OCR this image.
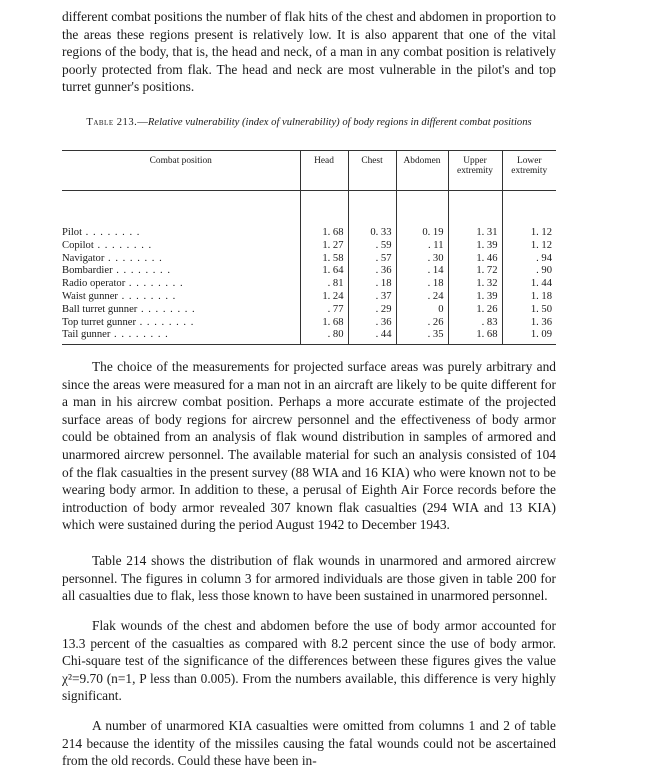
different combat positions the number of flak hits of the chest and abdomen in proportion to the areas these regions present is relatively low. It is also apparent that one of the vital regions of the body, that is, the head and neck, of a man in any combat position is relatively poorly protected from flak. The head and neck are most vulnerable in the pilot's and top turret gunner's positions.

Table 213.—Relative vulnerability (index of vulnerability) of body regions in different combat positions

Combat position	Head	Chest	Abdomen	Upper extremity	Lower extremity

Pilot . . . . . . . .	1. 68	0. 33	0. 19	1. 31	1. 12
Copilot . . . . . . . .	1. 27	. 59	. 11	1. 39	1. 12
Navigator . . . . . . . .	1. 58	. 57	. 30	1. 46	. 94
Bombardier . . . . . . . .	1. 64	. 36	. 14	1. 72	. 90
Radio operator . . . . . . . .	. 81	. 18	. 18	1. 32	1. 44
Waist gunner . . . . . . . .	1. 24	. 37	. 24	1. 39	1. 18
Ball turret gunner . . . . . . . .	. 77	. 29	0	1. 26	1. 50
Top turret gunner . . . . . . . .	1. 68	. 36	. 26	. 83	1. 36
Tail gunner . . . . . . . .	. 80	. 44	. 35	1. 68	1. 09

The choice of the measurements for projected surface areas was purely arbitrary and since the areas were measured for a man not in an aircraft are likely to be quite different for a man in his aircrew combat position. Perhaps a more accurate estimate of the projected surface areas of body regions for aircrew personnel and the effectiveness of body armor could be obtained from an analysis of flak wound distribution in samples of armored and unarmored aircrew personnel. The available material for such an analysis consisted of 104 of the flak casualties in the present survey (88 WIA and 16 KIA) who were known not to be wearing body armor. In addition to these, a perusal of Eighth Air Force records before the introduction of body armor revealed 307 known flak casualties (294 WIA and 13 KIA) which were sustained during the period August 1942 to December 1943.

Table 214 shows the distribution of flak wounds in unarmored and armored aircrew personnel. The figures in column 3 for armored individuals are those given in table 200 for all casualties due to flak, less those known to have been sustained in unarmored personnel.

Flak wounds of the chest and abdomen before the use of body armor accounted for 13.3 percent of the casualties as compared with 8.2 percent since the use of body armor. Chi-square test of the significance of the differences between these figures gives the value χ²=9.70 (n=1, P less than 0.005). From the numbers available, this difference is very highly significant.

A number of unarmored KIA casualties were omitted from columns 1 and 2 of table 214 because the identity of the missiles causing the fatal wounds could not be ascertained from the old records. Could these have been in-
